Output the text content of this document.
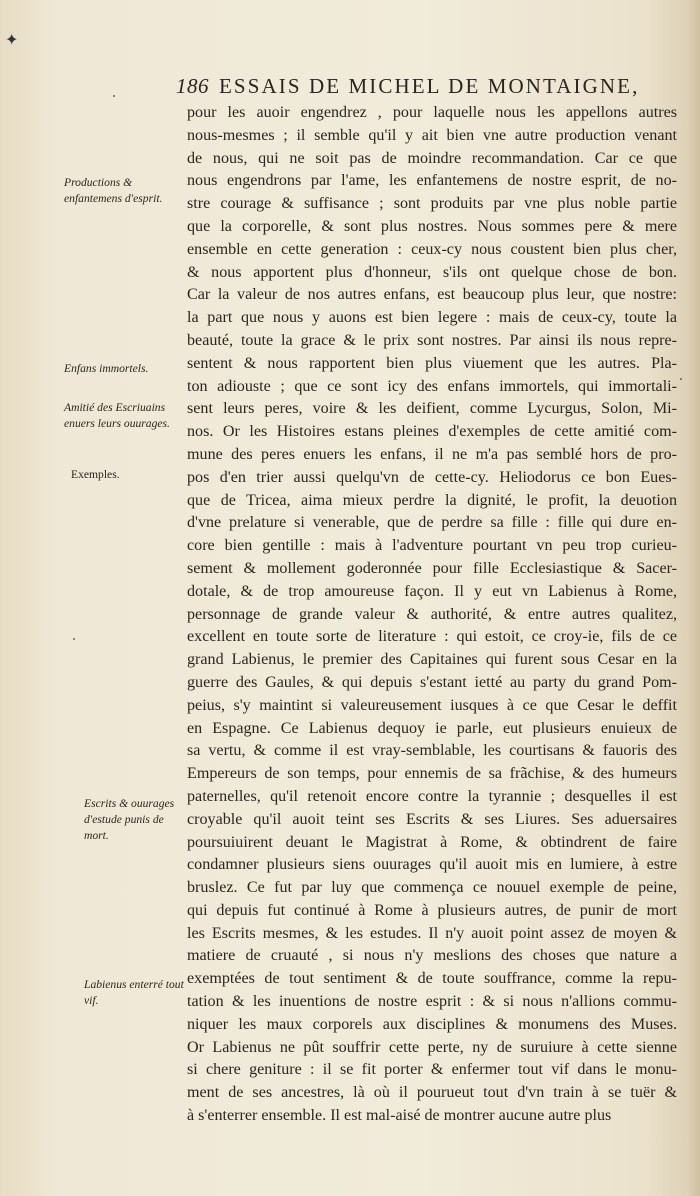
✦
186 ESSAIS DE MICHEL DE MONTAIGNE,
Productions & enfantemens d'esprit.
Enfans immortels.
Amitié des Escriuains enuers leurs ouurages.
Exemples.
Escrits & ouurages d'estude punis de mort.
Labienus enterré tout vif.
pour les auoir engendrez , pour laquelle nous les appellons autres
nous-mesmes ; il semble qu'il y ait bien vne autre production venant
de nous, qui ne soit pas de moindre recommandation. Car ce que
nous engendrons par l'ame, les enfantemens de nostre esprit, de no-
stre courage & suffisance ; sont produits par vne plus noble partie
que la corporelle, & sont plus nostres. Nous sommes pere & mere
ensemble en cette generation : ceux-cy nous coustent bien plus cher,
& nous apportent plus d'honneur, s'ils ont quelque chose de bon.
Car la valeur de nos autres enfans, est beaucoup plus leur, que nostre:
la part que nous y auons est bien legere : mais de ceux-cy, toute la
beauté, toute la grace & le prix sont nostres. Par ainsi ils nous repre-
sentent & nous rapportent bien plus viuement que les autres. Pla-
ton adiouste ; que ce sont icy des enfans immortels, qui immortali-
sent leurs peres, voire & les deifient, comme Lycurgus, Solon, Mi-
nos. Or les Histoires estans pleines d'exemples de cette amitié com-
mune des peres enuers les enfans, il ne m'a pas semblé hors de pro-
pos d'en trier aussi quelqu'vn de cette-cy. Heliodorus ce bon Eues-
que de Tricea, aima mieux perdre la dignité, le profit, la deuotion
d'vne prelature si venerable, que de perdre sa fille : fille qui dure en-
core bien gentille : mais à l'adventure pourtant vn peu trop curieu-
sement & mollement goderonnée pour fille Ecclesiastique & Sacer-
dotale, & de trop amoureuse façon. Il y eut vn Labienus à Rome,
personnage de grande valeur & authorité, & entre autres qualitez,
excellent en toute sorte de literature : qui estoit, ce croy-ie, fils de ce
grand Labienus, le premier des Capitaines qui furent sous Cesar en la
guerre des Gaules, & qui depuis s'estant ietté au party du grand Pom-
peius, s'y maintint si valeureusement iusques à ce que Cesar le deffit
en Espagne. Ce Labienus dequoy ie parle, eut plusieurs enuieux de
sa vertu, & comme il est vray-semblable, les courtisans & fauoris des
Empereurs de son temps, pour ennemis de sa frãchise, & des humeurs
paternelles, qu'il retenoit encore contre la tyrannie ; desquelles il est
croyable qu'il auoit teint ses Escrits & ses Liures. Ses aduersaires
poursuiuirent deuant le Magistrat à Rome, & obtindrent de faire
condamner plusieurs siens ouurages qu'il auoit mis en lumiere, à estre
bruslez. Ce fut par luy que commença ce nouuel exemple de peine,
qui depuis fut continué à Rome à plusieurs autres, de punir de mort
les Escrits mesmes, & les estudes. Il n'y auoit point assez de moyen &
matiere de cruauté , si nous n'y meslions des choses que nature a
exemptées de tout sentiment & de toute souffrance, comme la repu-
tation & les inuentions de nostre esprit : & si nous n'allions commu-
niquer les maux corporels aux disciplines & monumens des Muses.
Or Labienus ne pût souffrir cette perte, ny de suruiure à cette sienne
si chere geniture : il se fit porter & enfermer tout vif dans le monu-
ment de ses ancestres, là où il pourueut tout d'vn train à se tuër &
à s'enterrer ensemble. Il est mal-aisé de montrer aucune autre plus
